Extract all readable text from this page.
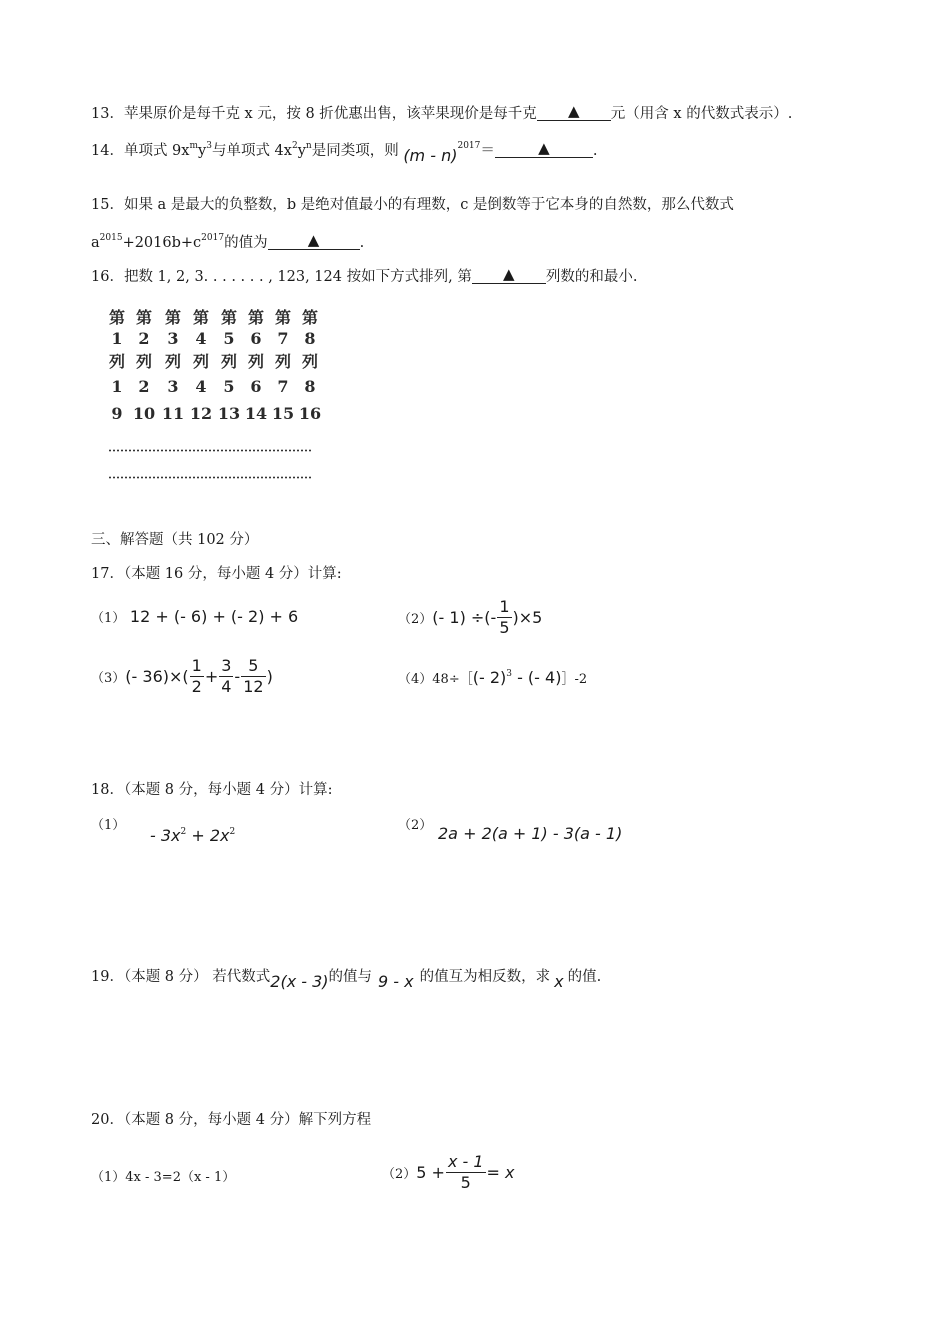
13．苹果原价是每千克 x 元，按 8 折优惠出售，该苹果现价是每千克 ▲ 元（用含 x 的代数式表示）.
14．单项式 $9x^my^3$与单项式 $4x^2y^n$是同类项，则 (m - n)$^{2017}$＝	▲	.
15．如果 a 是最大的负整数，b 是绝对值最小的有理数，c 是倒数等于它本身的自然数，那么代数式
$a^{2015}+2016b+c^{2017}$的值为	▲	.
16．把数 1, 2, 3. . . . . . . , 123, 124 按如下方式排列, 第 ▲ 列数的和最小.
第 第 第 第 第 第 第 第
1 2	3	4	5 6 7 8
列 列 列 列 列 列 列 列
1 2	3	4	5 6 7 8
9 10 11 12 13 14 15 16
三、解答题（共 102 分）
17．（本题 16 分，每小题 4 分）计算:
（1） 12 + (- 6) + (- 2) + 6	（2）(- 1) ÷(- $\frac{1}{5} )\times 5$
（3）(- $36)\times( \frac{1}{2} + \frac{3}{4} - \frac{5}{12}$ )	（4）48÷［(- 2)$^3$ - (- 4)］-2
18．（本题 8 分，每小题 4 分）计算:
（1）
- $3x^2 + 2x^2$	（2） 2a + 2(a + 1) - 3(a - 1)
19．（本题 8 分） 若代数式2(x - 3)的值与 9 - x 的值互为相反数，求 x 的值.
20．（本题 8 分，每小题 4 分）解下列方程
（1）4x - 3=2（x - 1）	$(2)5 + \frac{x - 1}{5} = x$
